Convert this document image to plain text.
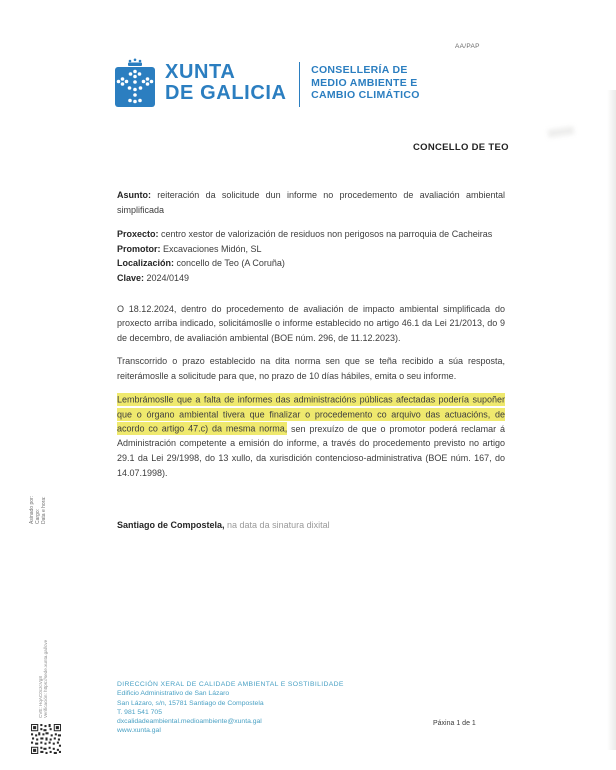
AA/PAP
XUNTA
DE GALICIA
CONSELLERÍA DE
MEDIO AMBIENTE E
CAMBIO CLIMÁTICO
CONCELLO DE TEO

Asunto: reiteración da solicitude dun informe no procedemento de avaliación ambiental simplificada

Proxecto: centro xestor de valorización de residuos non perigosos na parroquia de Cacheiras
Promotor: Excavaciones Midón, SL
Localización: concello de Teo (A Coruña)
Clave: 2024/0149

O 18.12.2024, dentro do procedemento de avaliación de impacto ambiental simplificada do proxecto arriba indicado, solicitámoslle o informe establecido no artigo 46.1 da Lei 21/2013, do 9 de decembro, de avaliación ambiental (BOE núm. 296, de 11.12.2023).

Transcorrido o prazo establecido na dita norma sen que se teña recibido a súa resposta, reiterámoslle a solicitude para que, no prazo de 10 días hábiles, emita o seu informe.

Lembrámoslle que a falta de informes das administracións públicas afectadas podería supoñer que o órgano ambiental tivera que finalizar o procedemento co arquivo das actuacións, de acordo co artigo 47.c) da mesma norma, sen prexuízo de que o promotor poderá reclamar á Administración competente a emisión do informe, a través do procedemento previsto no artigo 29.1 da Lei 29/1998, do 13 xullo, da xurisdición contencioso-administrativa (BOE núm. 167, do 14.07.1998).

Santiago de Compostela, na data da sinatura dixital

Asinado por: Cargo: Data e hora:
CVE: HqAC0czcVg8 Verificación: https://sede.xunta.gal/cve	DIRECCIÓN XERAL DE CALIDADE AMBIENTAL E SOSTIBILIDADE
Edificio Administrativo de San Lázaro
San Lázaro, s/n, 15781 Santiago de Compostela
T. 981 541 705
dxcalidadeambiental.medioambiente@xunta.gal
www.xunta.gal
Páxina 1 de 1
